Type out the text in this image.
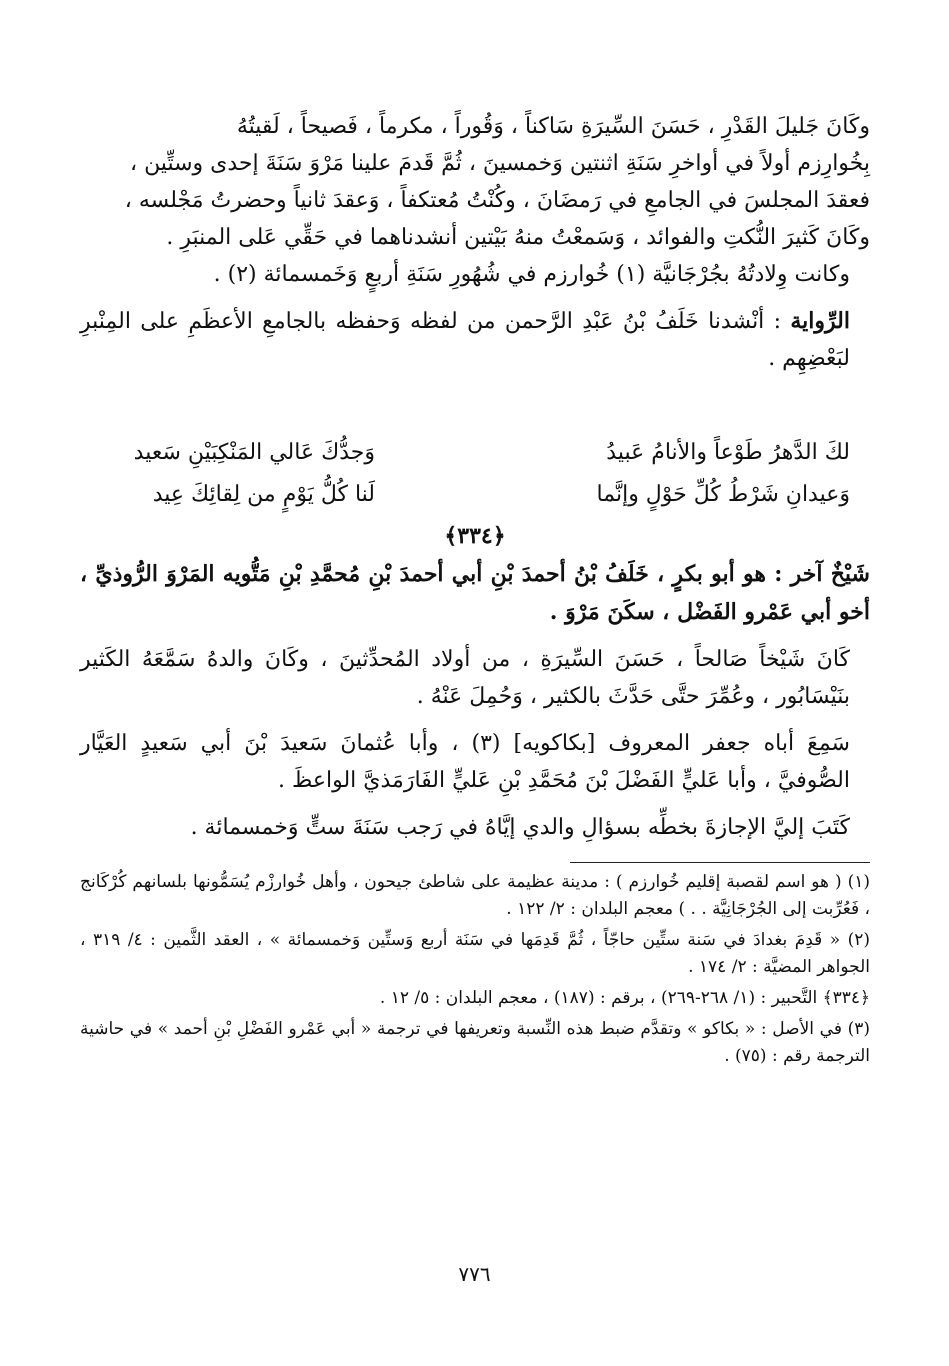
وكَانَ جَليلَ القَدْرِ ، حَسَنَ السِّيرَةِ سَاكناً ، وَقُوراً ، مكرماً ، فَصيحاً ، لَقيتُهُ

بِخُوارِزم أولاً في أواخرِ سَنَةِ اثنتين وَخمسينَ ، ثُمَّ قَدمَ علينا مَرْوَ سَنَةَ إحدى وستِّين ،

فعقدَ المجلسَ في الجامعِ في رَمضَانَ ، وكُنْتُ مُعتكفاً ، وَعقدَ ثانياً وحضرتُ مَجْلسه ،

وكَانَ كَثيرَ النُّكتِ والفوائد ، وَسَمعْتُ منهُ بَيْتين أنشدناهما في حَقِّي عَلى المنبَرِ .

وكانت وِلادتُهُ بجُرْجَانيَّة (١) خُوارزم في شُهُورِ سَنَةِ أربعٍ وَخَمسمائة (٢) .

الرِّواية : أنْشدنا خَلَفُ بْنُ عَبْدِ الرَّحمن من لفظه وَحفظه بالجامعِ الأعظَمِ على المِنْبرِ لبَعْضِهِم .

لكَ الدَّهرُ طَوْعاً والأنامُ عَبيدُ
وَجدُّكَ عَالي المَنْكِبَيْنِ سَعيد
وَعيدانِ شَرْطُ كُلِّ حَوْلٍ وإنَّما
لَنا كُلُّ يَوْمٍ من لِقائِكَ عِيد
﴿٣٣٤﴾

شَيْخٌ آخر : هو أبو بكرٍ ، خَلَفُ بْنُ أحمدَ بْنِ أبي أحمدَ بْنِ مُحمَّدِ بْنِ مَتُّويه المَرْوَ الرُّوذيِّ ، أخو أبي عَمْرو الفَضْل ، سكَنَ مَرْوَ .

كَانَ شَيْخاً صَالحاً ، حَسَنَ السِّيرَةِ ، من أولاد المُحدِّثينَ ، وكَانَ والدهُ سَمَّعَهُ الكَثير بنَيْسَابُور ، وعُمِّرَ حتَّى حَدَّثَ بالكثير ، وَحُمِلَ عَنْهُ .

سَمِعَ أباه جعفر المعروف [بكاكويه] (٣) ، وأبا عُثمانَ سَعيدَ بْنَ أبي سَعيدٍ العَيَّار الصُّوفيَّ ، وأبا عَليٍّ الفَضْلَ بْنَ مُحَمَّدِ بْنِ عَليٍّ الفَارَمَذيَّ الواعظَ .

كَتَبَ إليَّ الإجازةَ بخطِّه بسؤالِ والدي إيَّاهُ في رَجب سَنَةَ ستٍّ وَخمسمائة .

(١) ( هو اسم لقصبة إقليم خُوارزم ) : مدينة عظيمة على شاطئ جيحون ، وأهل خُوارزْم يُسَمُّونها بلسانهم كُرْكَانج ، فَعُرِّبت إلى الجُرْجَانِيَّة . . ) معجم البلدان : ٢/ ١٢٢ .

(٢) « قَدِمَ بغدادَ في سَنة ستِّين حاجّاً ، ثُمَّ قَدِمَها في سَنَة أربع وَستِّين وَخمسمائة » ، العقد الثَّمين : ٤/ ٣١٩ ، الجواهر المضيَّة : ٢/ ١٧٤ .

﴿٣٣٤﴾ التَّحبير : (١/ ٢٦٨-٢٦٩) ، برقم : (١٨٧) ، معجم البلدان : ٥/ ١٢ .

(٣) في الأصل : « بكاكو » وتقدَّم ضبط هذه النِّسبة وتعريفها في ترجمة « أبي عَمْرو الفَضْلِ بْنِ أحمد » في حاشية الترجمة رقم : (٧٥) .

٧٧٦
